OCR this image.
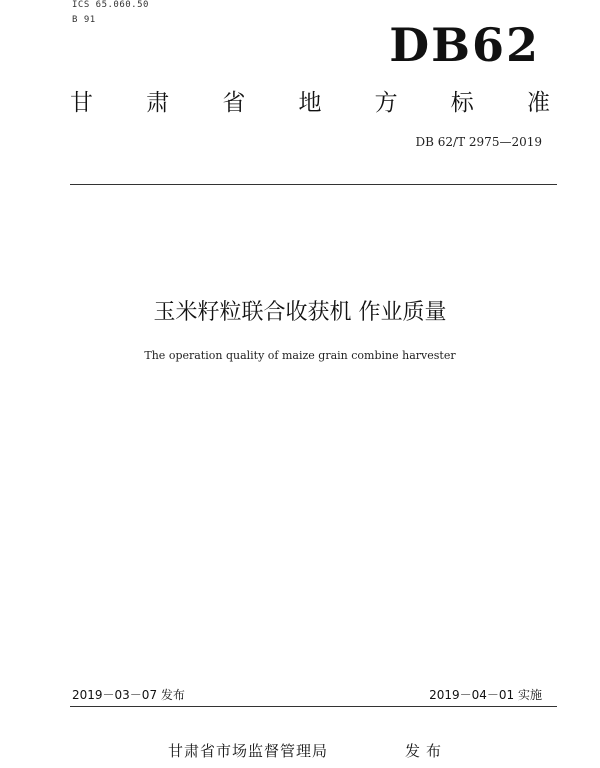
ICS 65.060.50
B 91	DB62
甘 肃 省 地 方 标 准
DB 62/T 2975—2019
玉米籽粒联合收获机 作业质量
The operation quality of maize grain combine harvester
2019－03－07 发布	2019－04－01 实施
甘肃省市场监督管理局	发布
